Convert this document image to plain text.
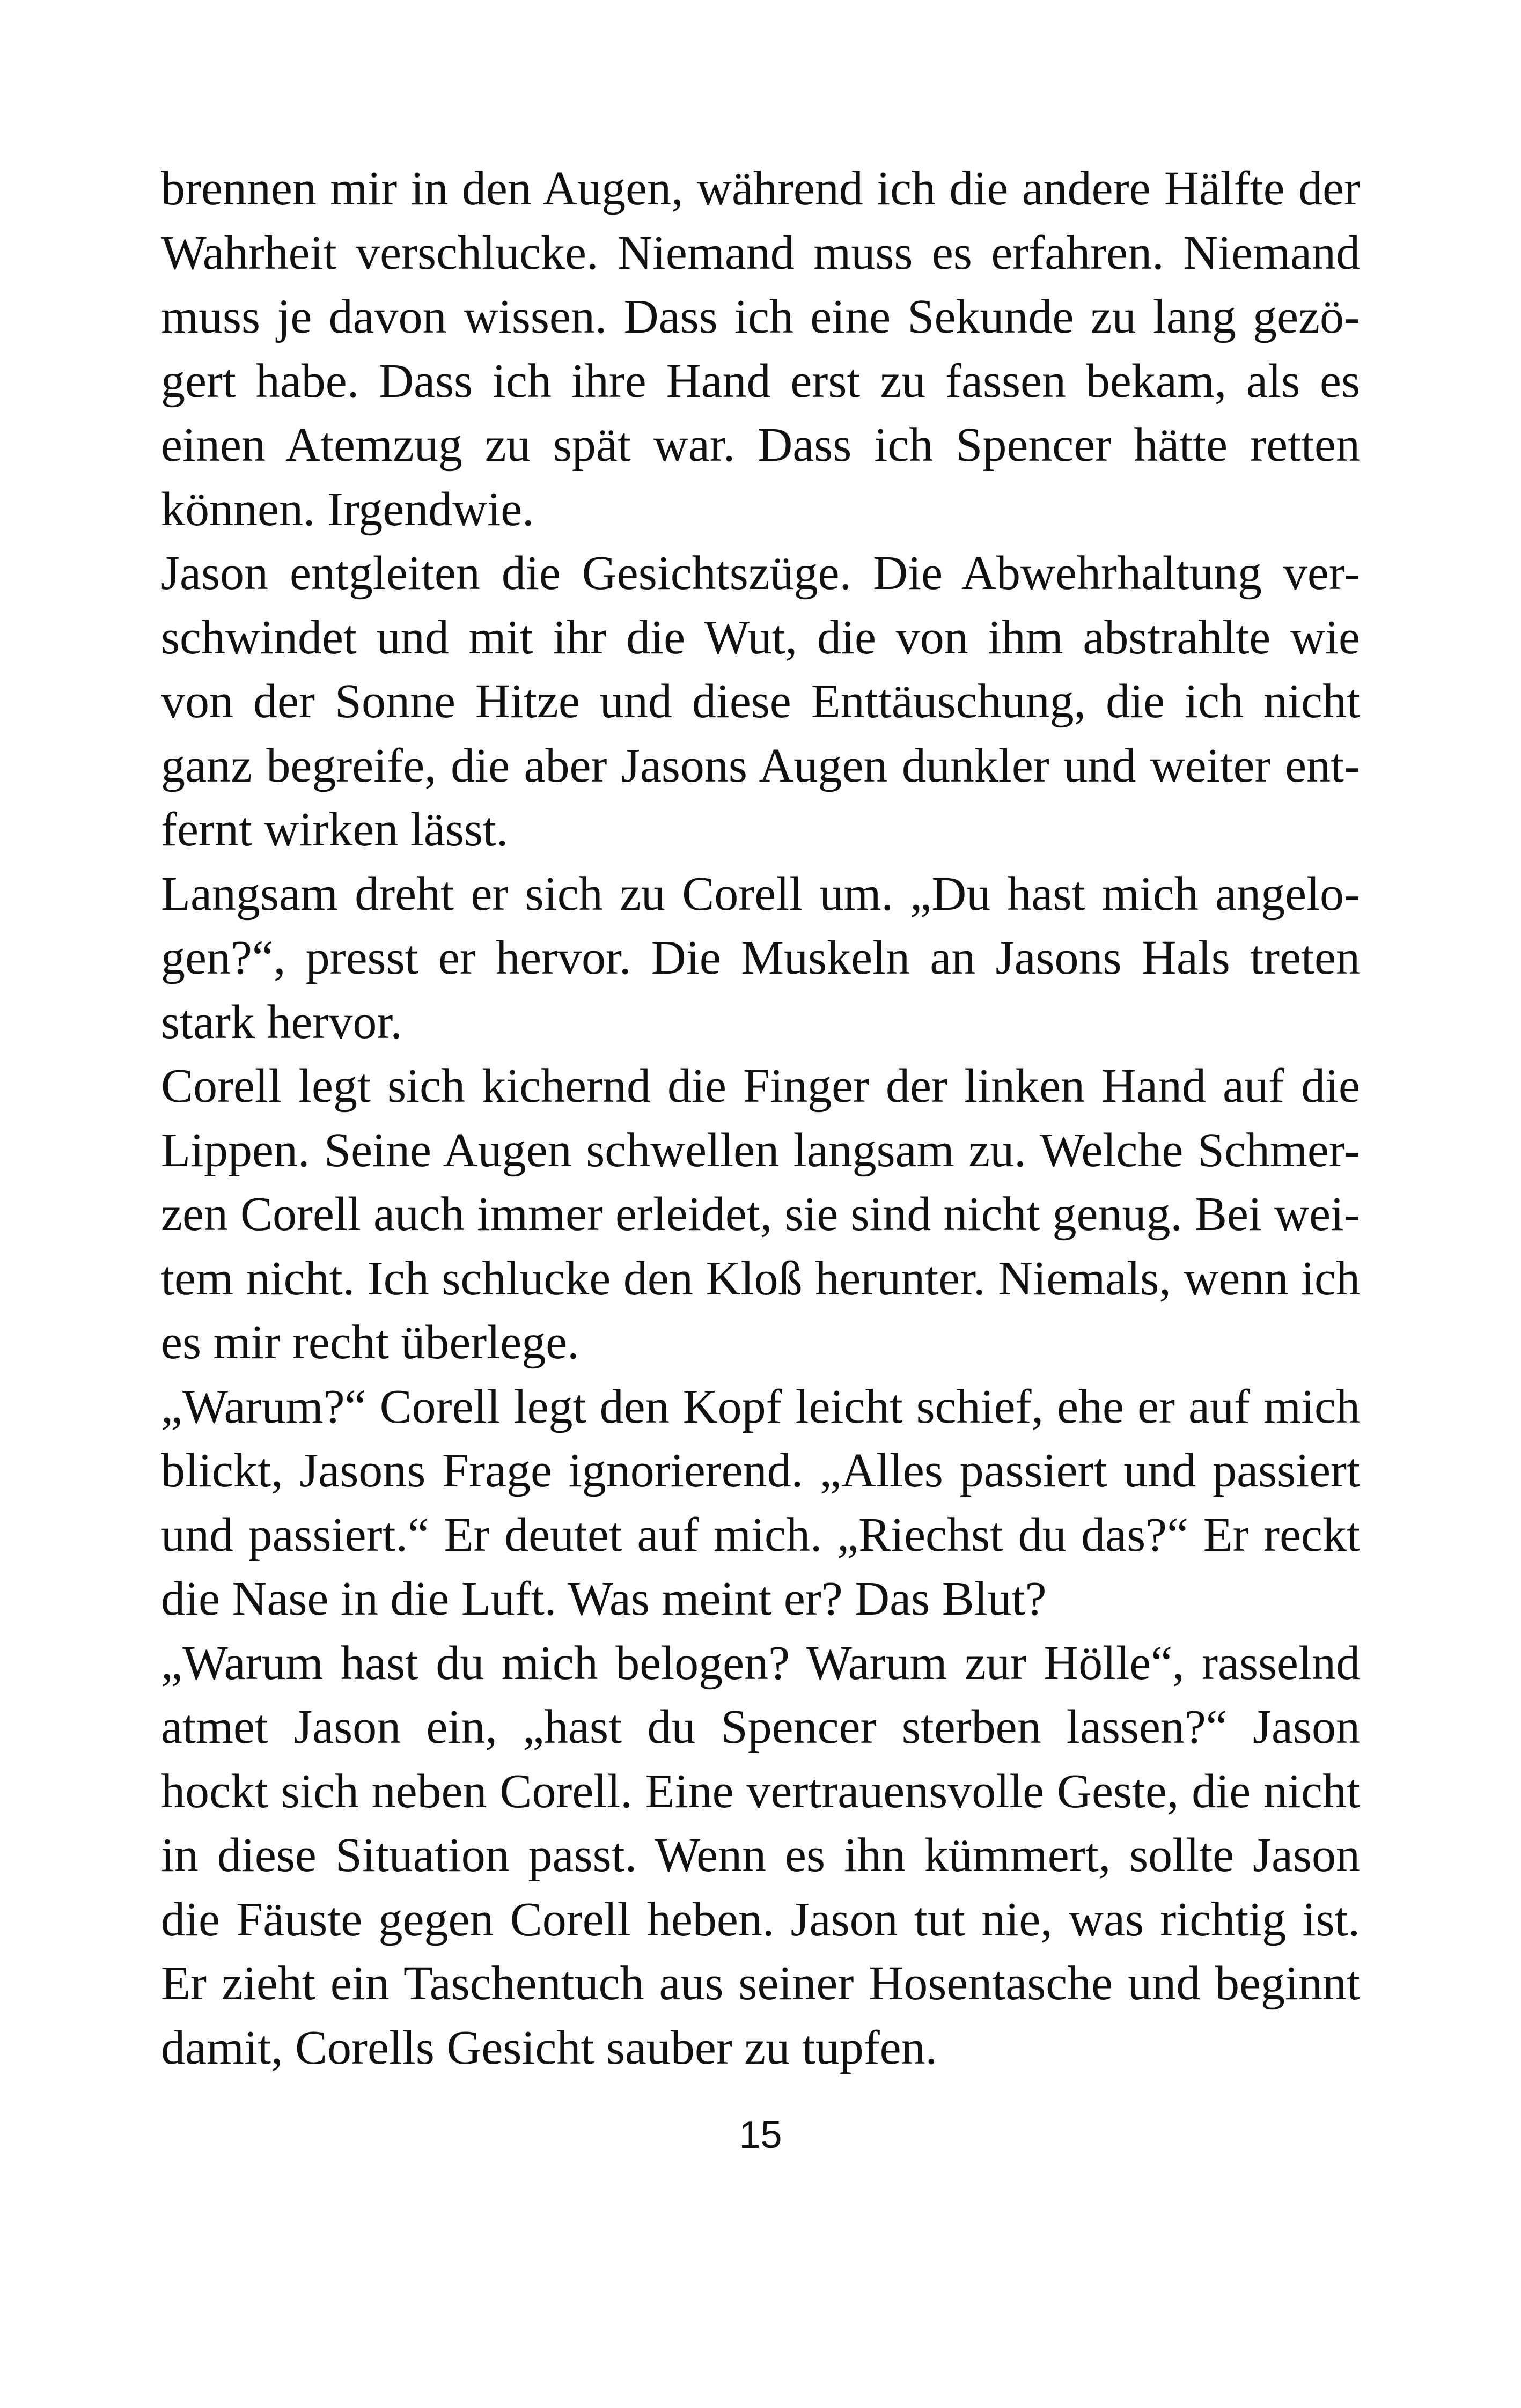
brennen mir in den Augen, während ich die andere Hälfte der
Wahrheit verschlucke. Niemand muss es erfahren. Niemand
muss je davon wissen. Dass ich eine Sekunde zu lang gezö-
gert habe. Dass ich ihre Hand erst zu fassen bekam, als es
einen Atemzug zu spät war. Dass ich Spencer hätte retten
können. Irgendwie.
Jason entgleiten die Gesichtszüge. Die Abwehrhaltung ver-
schwindet und mit ihr die Wut, die von ihm abstrahlte wie
von der Sonne Hitze und diese Enttäuschung, die ich nicht
ganz begreife, die aber Jasons Augen dunkler und weiter ent-
fernt wirken lässt.
Langsam dreht er sich zu Corell um. „Du hast mich angelo-
gen?“, presst er hervor. Die Muskeln an Jasons Hals treten
stark hervor.
Corell legt sich kichernd die Finger der linken Hand auf die
Lippen. Seine Augen schwellen langsam zu. Welche Schmer-
zen Corell auch immer erleidet, sie sind nicht genug. Bei wei-
tem nicht. Ich schlucke den Kloß herunter. Niemals, wenn ich
es mir recht überlege.
„Warum?“ Corell legt den Kopf leicht schief, ehe er auf mich
blickt, Jasons Frage ignorierend. „Alles passiert und passiert
und passiert.“ Er deutet auf mich. „Riechst du das?“ Er reckt
die Nase in die Luft. Was meint er? Das Blut?
„Warum hast du mich belogen? Warum zur Hölle“, rasselnd
atmet Jason ein, „hast du Spencer sterben lassen?“ Jason
hockt sich neben Corell. Eine vertrauensvolle Geste, die nicht
in diese Situation passt. Wenn es ihn kümmert, sollte Jason
die Fäuste gegen Corell heben. Jason tut nie, was richtig ist.
Er zieht ein Taschentuch aus seiner Hosentasche und beginnt
damit, Corells Gesicht sauber zu tupfen.
15
